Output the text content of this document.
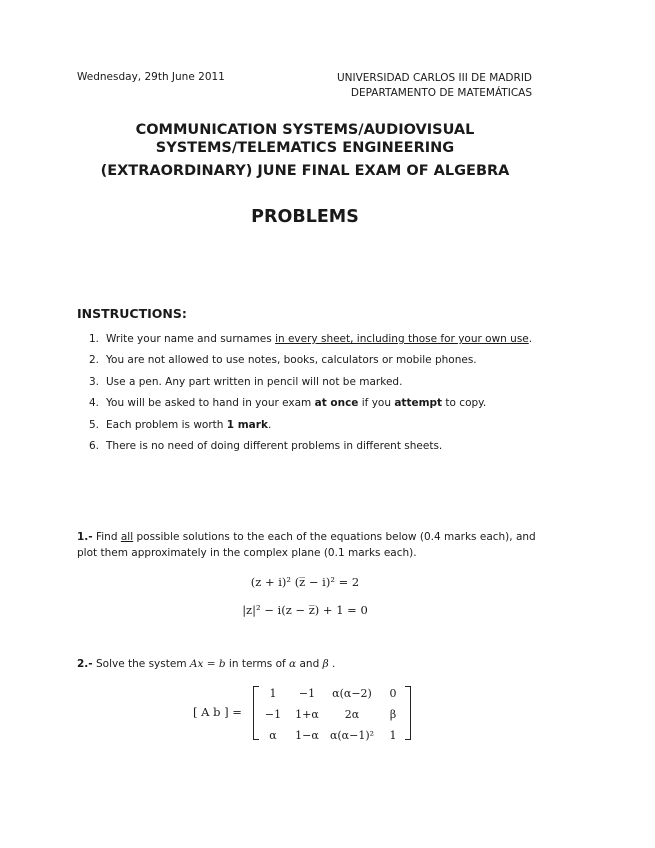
Wednesday, 29th June 2011	UNIVERSIDAD CARLOS III DE MADRID
DEPARTAMENTO DE MATEMÁTICAS
COMMUNICATION SYSTEMS/AUDIOVISUAL
SYSTEMS/TELEMATICS ENGINEERING
(EXTRAORDINARY) JUNE FINAL EXAM OF ALGEBRA
PROBLEMS
INSTRUCTIONS:
1. Write your name and surnames in every sheet, including those for your own use.
2. You are not allowed to use notes, books, calculators or mobile phones.
3. Use a pen. Any part written in pencil will not be marked.
4. You will be asked to hand in your exam at once if you attempt to copy.
5. Each problem is worth 1 mark.
6. There is no need of doing different problems in different sheets.
1.- Find all possible solutions to the each of the equations below (0.4 marks each), and plot them approximately in the complex plane (0.1 marks each).
(z + i)² (z̅ − i)² = 2
|z|² − i(z − z̅) + 1 = 0
2.- Solve the system Ax = b in terms of α and β .
[ A b ] =
1	−1	α(α−2)	0
−1	1+α	2α	β
α	1−α	α(α−1)²	1
